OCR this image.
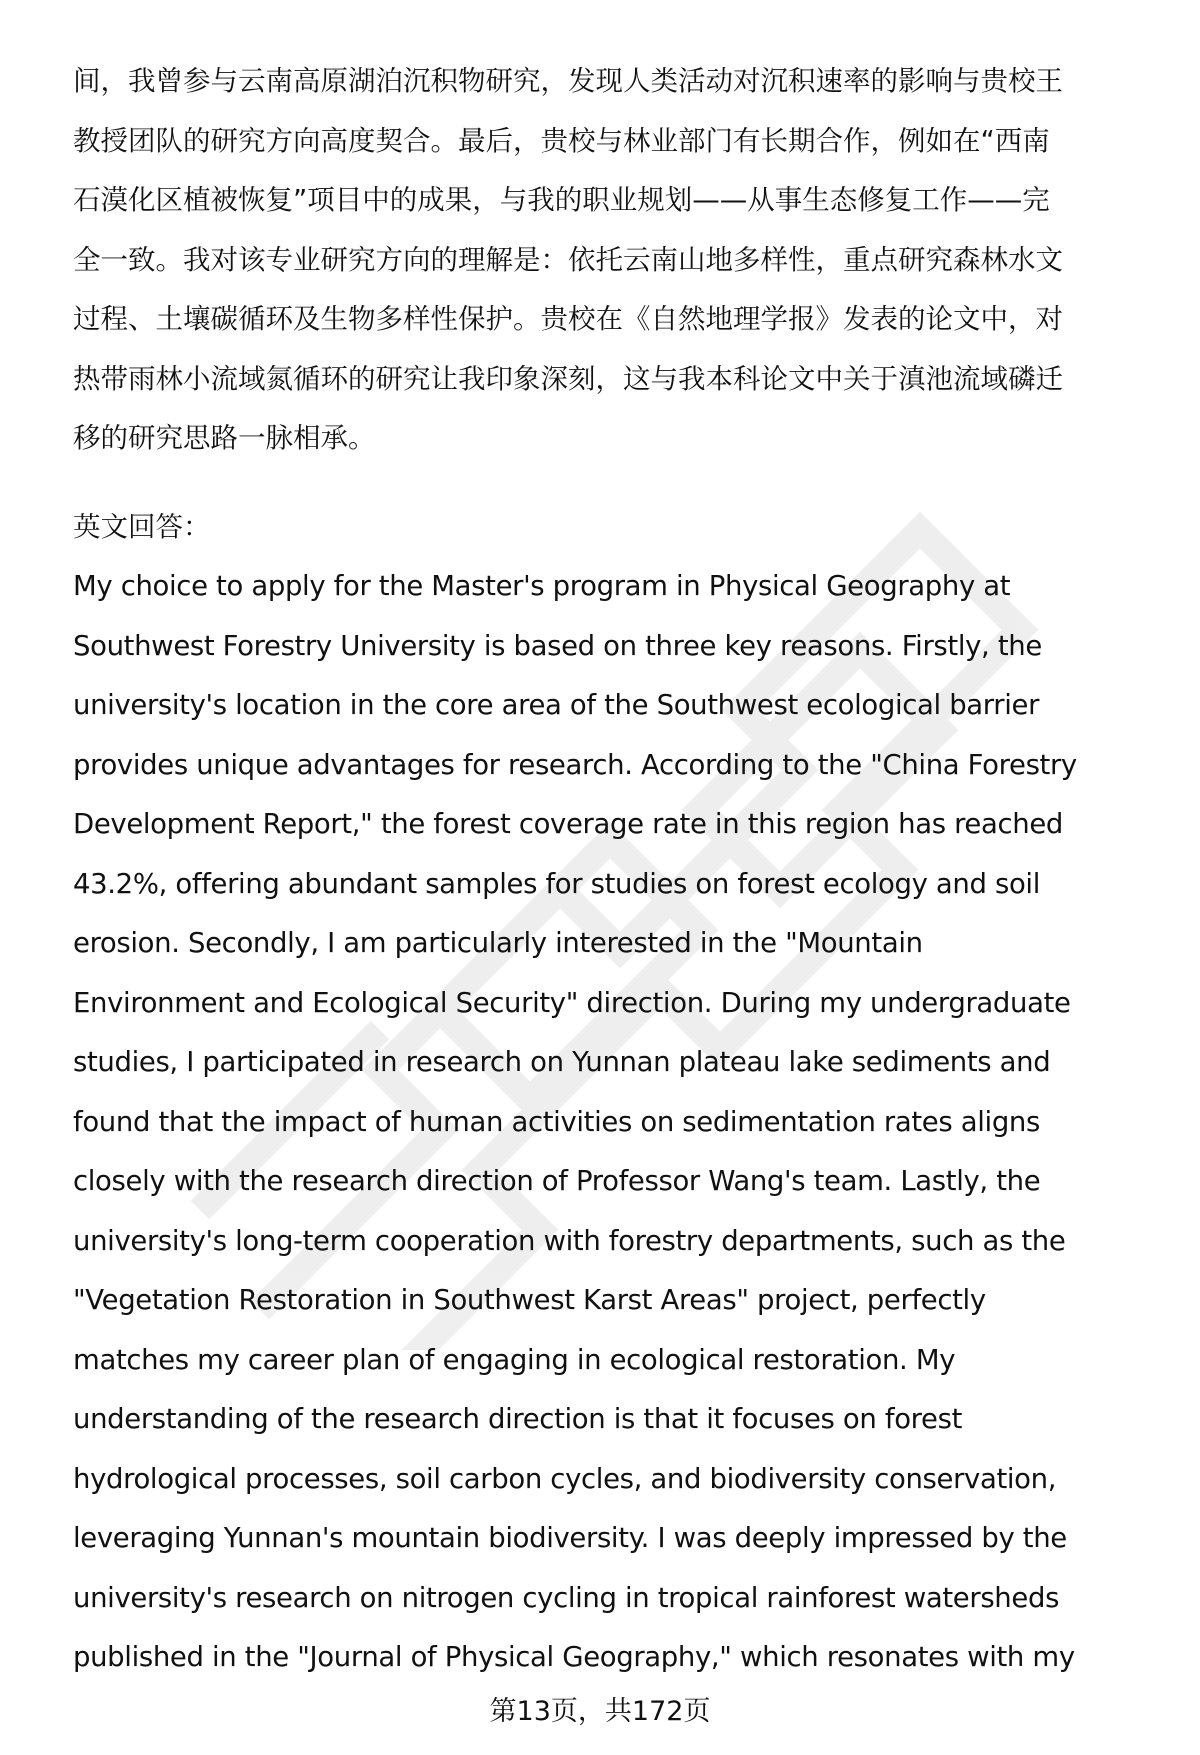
间，我曾参与云南高原湖泊沉积物研究，发现人类活动对沉积速率的影响与贵校王
教授团队的研究方向高度契合。最后，贵校与林业部门有长期合作，例如在“西南
石漠化区植被恢复”项目中的成果，与我的职业规划——从事生态修复工作——完
全一致。我对该专业研究方向的理解是：依托云南山地多样性，重点研究森林水文
过程、土壤碳循环及生物多样性保护。贵校在《自然地理学报》发表的论文中，对
热带雨林小流域氮循环的研究让我印象深刻，这与我本科论文中关于滇池流域磷迁
移的研究思路一脉相承。
英文回答：
My choice to apply for the Master's program in Physical Geography at
Southwest Forestry University is based on three key reasons. Firstly, the
university's location in the core area of the Southwest ecological barrier
provides unique advantages for research. According to the "China Forestry
Development Report," the forest coverage rate in this region has reached
43.2%, offering abundant samples for studies on forest ecology and soil
erosion. Secondly, I am particularly interested in the "Mountain
Environment and Ecological Security" direction. During my undergraduate
studies, I participated in research on Yunnan plateau lake sediments and
found that the impact of human activities on sedimentation rates aligns
closely with the research direction of Professor Wang's team. Lastly, the
university's long-term cooperation with forestry departments, such as the
"Vegetation Restoration in Southwest Karst Areas" project, perfectly
matches my career plan of engaging in ecological restoration. My
understanding of the research direction is that it focuses on forest
hydrological processes, soil carbon cycles, and biodiversity conservation,
leveraging Yunnan's mountain biodiversity. I was deeply impressed by the
university's research on nitrogen cycling in tropical rainforest watersheds
published in the "Journal of Physical Geography," which resonates with my
第13页，共172页
